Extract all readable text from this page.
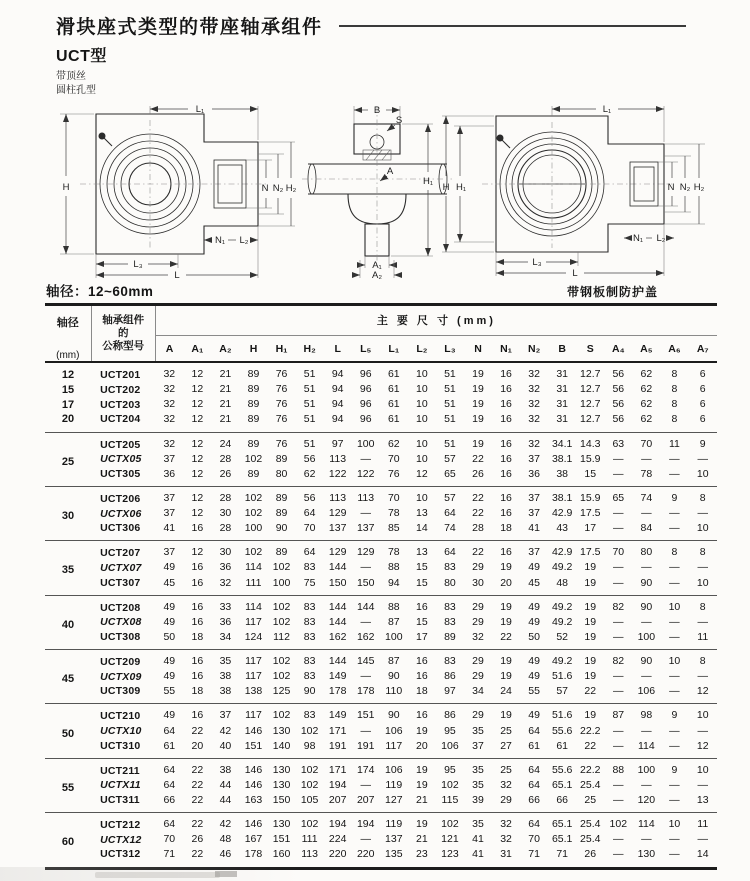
滑块座式类型的带座轴承组件
UCT型
带顶丝
圆柱孔型
L₁
H	N N₂ H₂
N₁ L₂
L₃
L
B
S
A
H₁
A₁
A₂
L₁
H H₁	N N₂ H₂
N₁ L₂
L₃
L
轴径：12~60mm	带钢板制防护盖
轴径
(mm)

轴承组件
的
公称型号
	主 要 尺 寸 (mm)
		A	A₁	A₂	H	H₁	H₂	L	L₅	L₁	L₂	L₃	N	N₁	N₂	B	S	A₄	A₅	A₆	A₇
12	UCT201	32	12	21	89	76	51	94	96	61	10	51	19	16	32	31	12.7	56	62	8	6
15	UCT202	32	12	21	89	76	51	94	96	61	10	51	19	16	32	31	12.7	56	62	8	6
17	UCT203	32	12	21	89	76	51	94	96	61	10	51	19	16	32	31	12.7	56	62	8	6
20	UCT204	32	12	21	89	76	51	94	96	61	10	51	19	16	32	31	12.7	56	62	8	6
25	UCT205	32	12	24	89	76	51	97	100	62	10	51	19	16	32	34.1	14.3	63	70	11	9
	UCTX05	37	12	28	102	89	56	113	—	70	10	57	22	16	37	38.1	15.9	—	—	—	—
	UCT305	36	12	26	89	80	62	122	122	76	12	65	26	16	36	38	15	—	78	—	10
30	UCT206	37	12	28	102	89	56	113	113	70	10	57	22	16	37	38.1	15.9	65	74	9	8
	UCTX06	37	12	30	102	89	64	129	—	78	13	64	22	16	37	42.9	17.5	—	—	—	—
	UCT306	41	16	28	100	90	70	137	137	85	14	74	28	18	41	43	17	—	84	—	10
35	UCT207	37	12	30	102	89	64	129	129	78	13	64	22	16	37	42.9	17.5	70	80	8	8
	UCTX07	49	16	36	114	102	83	144	—	88	15	83	29	19	49	49.2	19	—	—	—	—
	UCT307	45	16	32	111	100	75	150	150	94	15	80	30	20	45	48	19	—	90	—	10
40	UCT208	49	16	33	114	102	83	144	144	88	16	83	29	19	49	49.2	19	82	90	10	8
	UCTX08	49	16	36	117	102	83	144	—	87	15	83	29	19	49	49.2	19	—	—	—	—
	UCT308	50	18	34	124	112	83	162	162	100	17	89	32	22	50	52	19	—	100	—	11
45	UCT209	49	16	35	117	102	83	144	145	87	16	83	29	19	49	49.2	19	82	90	10	8
	UCTX09	49	16	38	117	102	83	149	—	90	16	86	29	19	49	51.6	19	—	—	—	—
	UCT309	55	18	38	138	125	90	178	178	110	18	97	34	24	55	57	22	—	106	—	12
50	UCT210	49	16	37	117	102	83	149	151	90	16	86	29	19	49	51.6	19	87	98	9	10
	UCTX10	64	22	42	146	130	102	171	—	106	19	95	35	25	64	55.6	22.2	—	—	—	—
	UCT310	61	20	40	151	140	98	191	191	117	20	106	37	27	61	61	22	—	114	—	12
55	UCT211	64	22	38	146	130	102	171	174	106	19	95	35	25	64	55.6	22.2	88	100	9	10
	UCTX11	64	22	44	146	130	102	194	—	119	19	102	35	32	64	65.1	25.4	—	—	—	—
	UCT311	66	22	44	163	150	105	207	207	127	21	115	39	29	66	66	25	—	120	—	13
60	UCT212	64	22	42	146	130	102	194	194	119	19	102	35	32	64	65.1	25.4	102	114	10	11
	UCTX12	70	26	48	167	151	111	224	—	137	21	121	41	32	70	65.1	25.4	—	—	—	—
	UCT312	71	22	46	178	160	113	220	220	135	23	123	41	31	71	71	26	—	130	—	14
